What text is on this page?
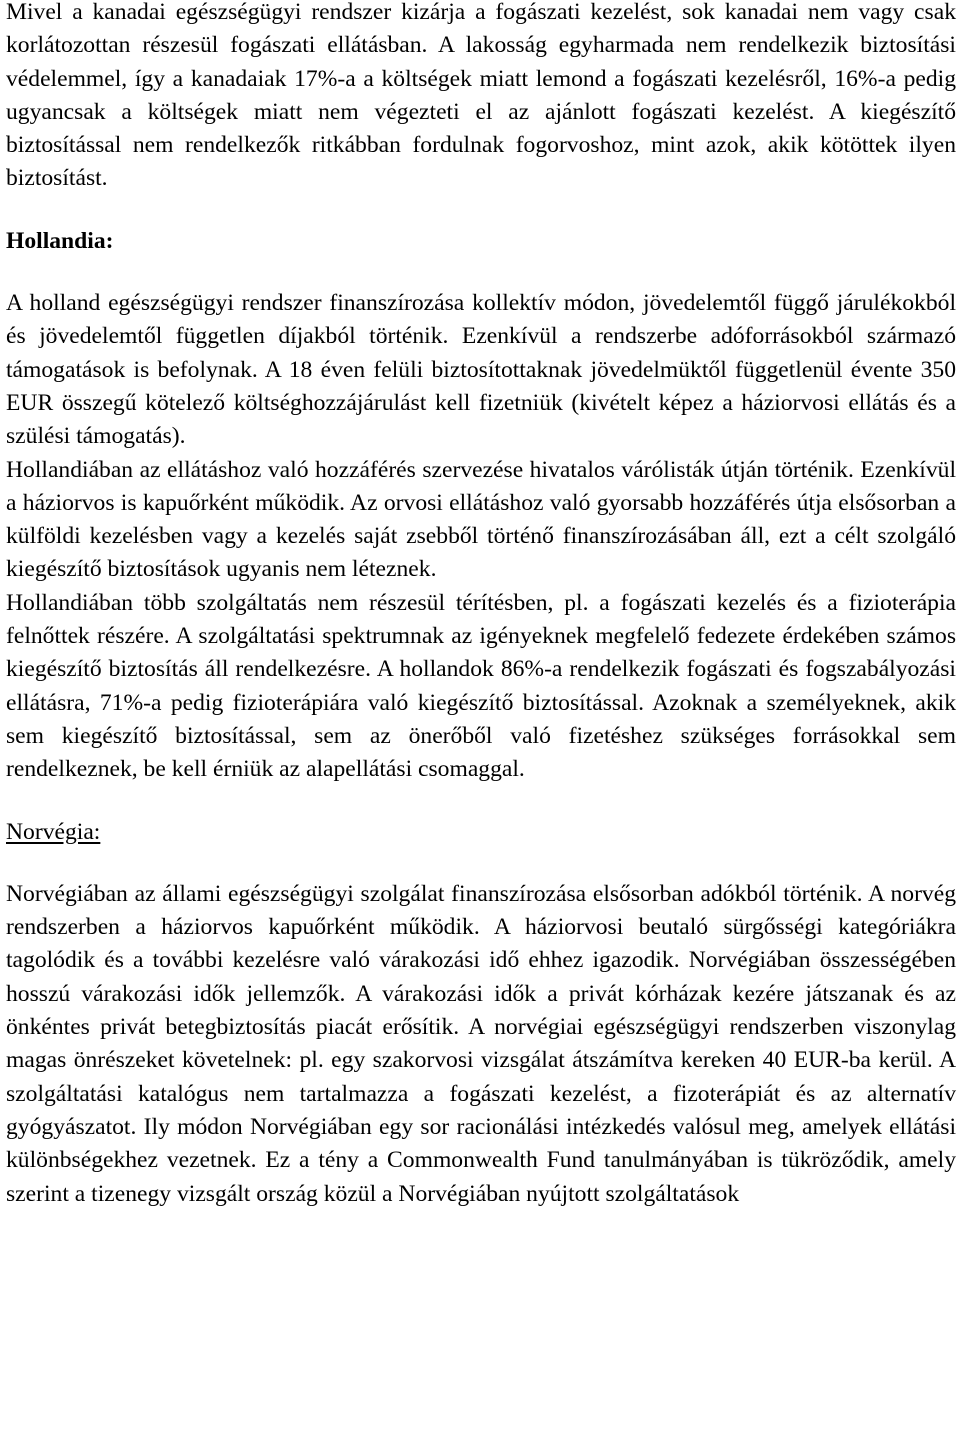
Mivel a kanadai egészségügyi rendszer kizárja a fogászati kezelést, sok kanadai nem vagy csak korlátozottan részesül fogászati ellátásban. A lakosság egyharmada nem rendelkezik biztosítási védelemmel, így a kanadaiak 17%-a a költségek miatt lemond a fogászati kezelésről, 16%-a pedig ugyancsak a költségek miatt nem végezteti el az ajánlott fogászati kezelést. A kiegészítő biztosítással nem rendelkezők ritkábban fordulnak fogorvoshoz, mint azok, akik kötöttek ilyen biztosítást.

Hollandia:

A holland egészségügyi rendszer finanszírozása kollektív módon, jövedelemtől függő járulékokból és jövedelemtől független díjakból történik. Ezenkívül a rendszerbe adóforrásokból származó támogatások is befolynak. A 18 éven felüli biztosítottaknak jövedelmüktől függetlenül évente 350 EUR összegű kötelező költséghozzájárulást kell fizetniük (kivételt képez a háziorvosi ellátás és a szülési támogatás).

Hollandiában az ellátáshoz való hozzáférés szervezése hivatalos várólisták útján történik. Ezenkívül a háziorvos is kapuőrként működik. Az orvosi ellátáshoz való gyorsabb hozzáférés útja elsősorban a külföldi kezelésben vagy a kezelés saját zsebből történő finanszírozásában áll, ezt a célt szolgáló kiegészítő biztosítások ugyanis nem léteznek.

Hollandiában több szolgáltatás nem részesül térítésben, pl. a fogászati kezelés és a fizioterápia felnőttek részére. A szolgáltatási spektrumnak az igényeknek megfelelő fedezete érdekében számos kiegészítő biztosítás áll rendelkezésre. A hollandok 86%-a rendelkezik fogászati és fogszabályozási ellátásra, 71%-a pedig fizioterápiára való kiegészítő biztosítással. Azoknak a személyeknek, akik sem kiegészítő biztosítással, sem az önerőből való fizetéshez szükséges forrásokkal sem rendelkeznek, be kell érniük az alapellátási csomaggal.

Norvégia:

Norvégiában az állami egészségügyi szolgálat finanszírozása elsősorban adókból történik. A norvég rendszerben a háziorvos kapuőrként működik. A háziorvosi beutaló sürgősségi kategóriákra tagolódik és a további kezelésre való várakozási idő ehhez igazodik. Norvégiában összességében hosszú várakozási idők jellemzők. A várakozási idők a privát kórházak kezére játszanak és az önkéntes privát betegbiztosítás piacát erősítik. A norvégiai egészségügyi rendszerben viszonylag magas önrészeket követelnek: pl. egy szakorvosi vizsgálat átszámítva kereken 40 EUR-ba kerül. A szolgáltatási katalógus nem tartalmazza a fogászati kezelést, a fizoterápiát és az alternatív gyógyászatot. Ily módon Norvégiában egy sor racionálási intézkedés valósul meg, amelyek ellátási különbségekhez vezetnek. Ez a tény a Commonwealth Fund tanulmányában is tükröződik, amely szerint a tizenegy vizsgált ország közül a Norvégiában nyújtott szolgáltatások
